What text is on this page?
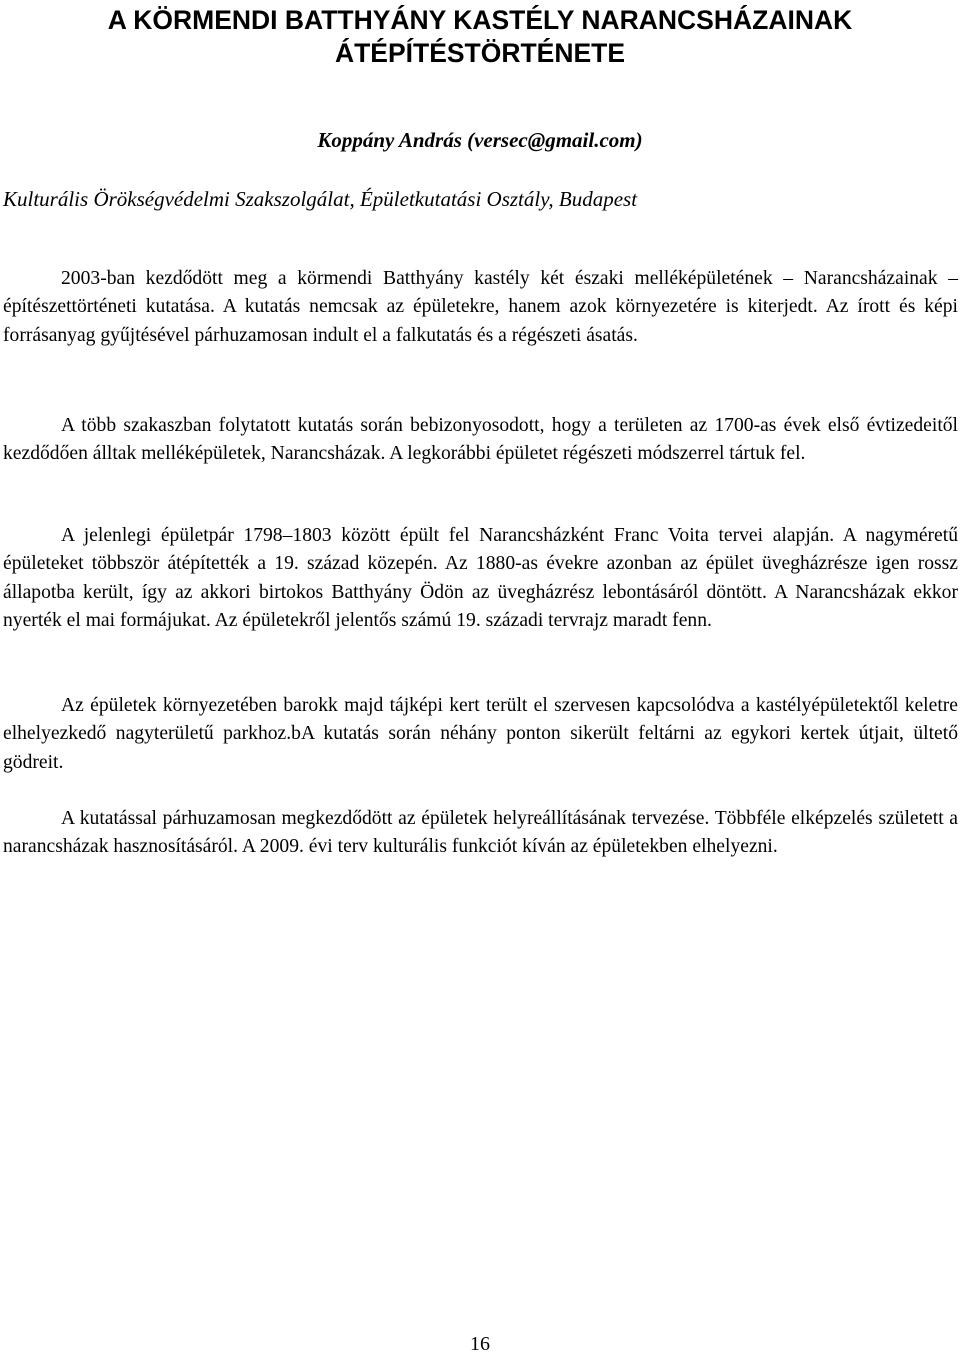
A KÖRMENDI BATTHYÁNY KASTÉLY NARANCSHÁZAINAK
ÁTÉPÍTÉSTÖRTÉNETE

Koppány András (versec@gmail.com)

Kulturális Örökségvédelmi Szakszolgálat, Épületkutatási Osztály, Budapest

2003-ban kezdődött meg a körmendi Batthyány kastély két északi melléképületének – Narancsházainak – építészettörténeti kutatása. A kutatás nemcsak az épületekre, hanem azok környezetére is kiterjedt. Az írott és képi forrásanyag gyűjtésével párhuzamosan indult el a falkutatás és a régészeti ásatás.

A több szakaszban folytatott kutatás során bebizonyosodott, hogy a területen az 1700-as évek első évtizedeitől kezdődően álltak melléképületek, Narancsházak. A legkorábbi épületet régészeti módszerrel tártuk fel.

A jelenlegi épületpár 1798–1803 között épült fel Narancsházként Franc Voita tervei alapján. A nagyméretű épületeket többször átépítették a 19. század közepén. Az 1880-as évekre azonban az épület üvegházrésze igen rossz állapotba került, így az akkori birtokos Batthyány Ödön az üvegházrész lebontásáról döntött. A Narancsházak ekkor nyerték el mai formájukat. Az épületekről jelentős számú 19. századi tervrajz maradt fenn.

Az épületek környezetében barokk majd tájképi kert terült el szervesen kapcsolódva a kastélyépületektől keletre elhelyezkedő nagyterületű parkhoz.bA kutatás során néhány ponton sikerült feltárni az egykori kertek útjait, ültető gödreit.

A kutatással párhuzamosan megkezdődött az épületek helyreállításának tervezése. Többféle elképzelés született a narancsházak hasznosításáról. A 2009. évi terv kulturális funkciót kíván az épületekben elhelyezni.

16
